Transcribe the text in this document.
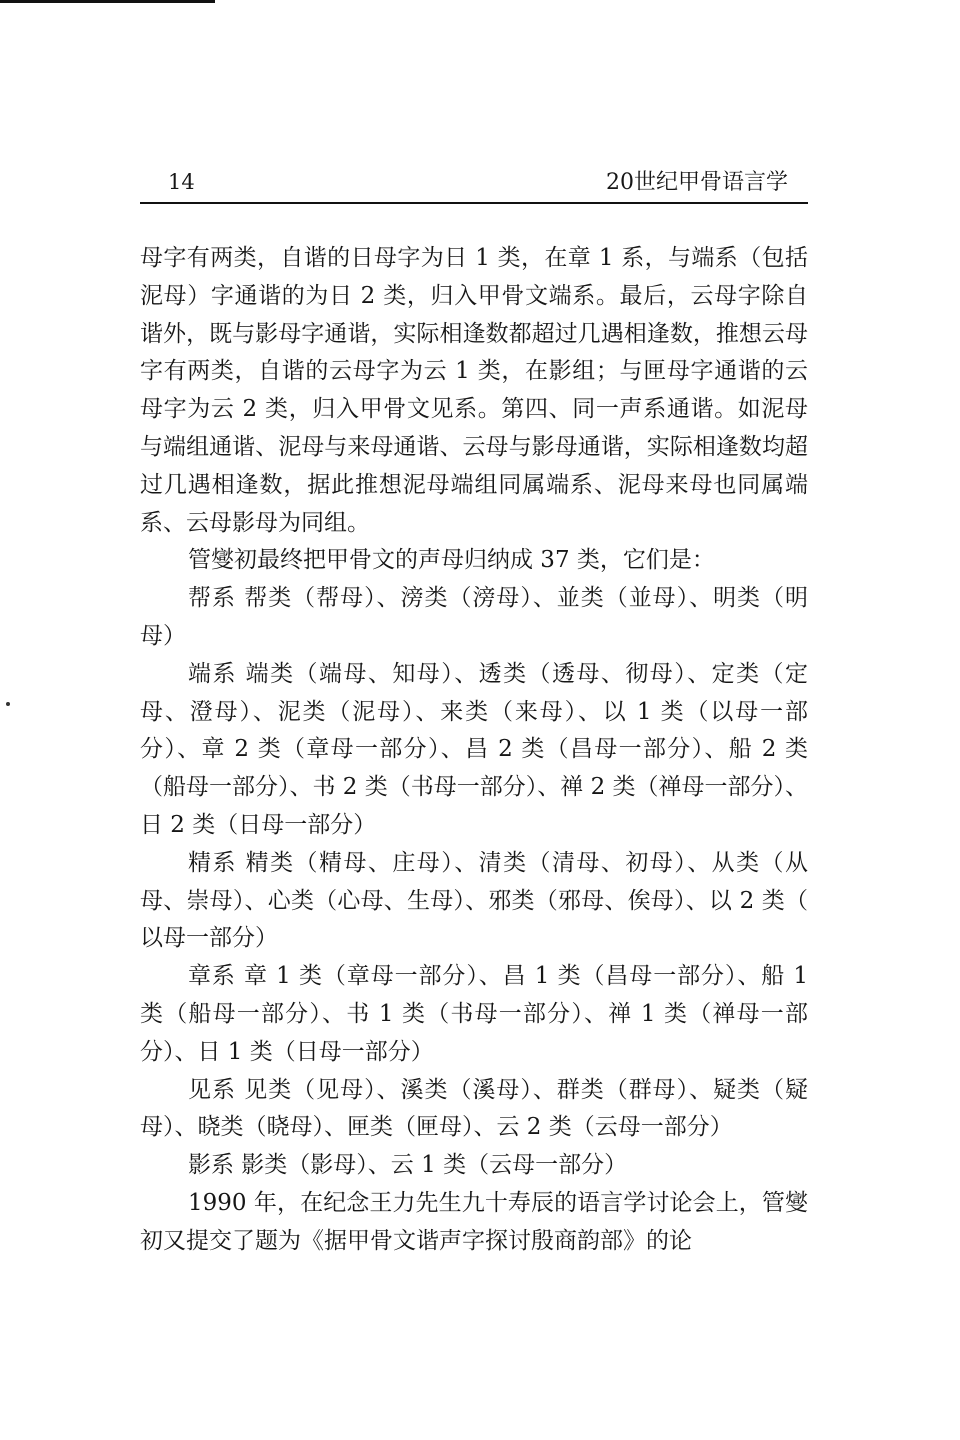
14	20世纪甲骨语言学

母字有两类，自谐的日母字为日 1 类，在章 1 系，与端系（包括泥母）字通谐的为日 2 类，归入甲骨文端系。最后，云母字除自谐外，既与影母字通谐，实际相逢数都超过几遇相逢数，推想云母字有两类，自谐的云母字为云 1 类，在影组；与匣母字通谐的云母字为云 2 类，归入甲骨文见系。第四、同一声系通谐。如泥母与端组通谐、泥母与来母通谐、云母与影母通谐，实际相逢数均超过几遇相逢数，据此推想泥母端组同属端系、泥母来母也同属端系、云母影母为同组。

管燮初最终把甲骨文的声母归纳成 37 类，它们是：

帮系 帮类（帮母）、滂类（滂母）、並类（並母）、明类（明母）

端系 端类（端母、知母）、透类（透母、彻母）、定类（定母、澄母）、泥类（泥母）、来类（来母）、以 1 类（以母一部分）、章 2 类（章母一部分）、昌 2 类（昌母一部分）、船 2 类（船母一部分）、书 2 类（书母一部分）、禅 2 类（禅母一部分）、日 2 类（日母一部分）

精系 精类（精母、庄母）、清类（清母、初母）、从类（从母、崇母）、心类（心母、生母）、邪类（邪母、俟母）、以 2 类（ 以母一部分）

章系 章 1 类（章母一部分）、昌 1 类（昌母一部分）、船 1 类（船母一部分）、书 1 类（书母一部分）、禅 1 类（禅母一部分）、日 1 类（日母一部分）

见系 见类（见母）、溪类（溪母）、群类（群母）、疑类（疑母）、晓类（晓母）、匣类（匣母）、云 2 类（云母一部分）

影系 影类（影母）、云 1 类（云母一部分）

1990 年，在纪念王力先生九十寿辰的语言学讨论会上，管燮初又提交了题为《据甲骨文谐声字探讨殷商韵部》的论
